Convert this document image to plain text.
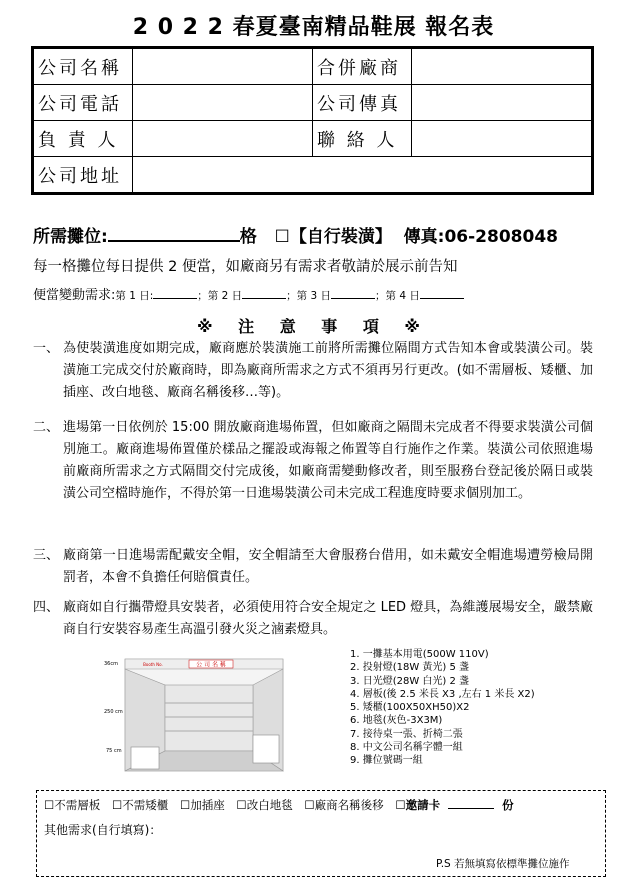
2 0 2 2 春夏臺南精品鞋展 報名表
公司名稱		合併廠商	
公司電話		公司傳真	
負 責 人		聯 絡 人	
公司地址			
所需攤位:	格 ☐【自行裝潢】 傳真:06-2808048
每一格攤位每日提供 2 便當，如廠商另有需求者敬請於展示前告知
便當變動需求:第 1 日:	；第 2 日	；第 3 日	；第 4 日
※ 注 意 事 項 ※
一、 為使裝潢進度如期完成，廠商應於裝潢施工前將所需攤位隔間方式告知本會或裝潢公司。裝潢施工完成交付於廠商時，即為廠商所需求之方式不須再另行更改。(如不需層板、矮櫃、加插座、改白地毯、廠商名稱後移…等)。
二、 進場第一日依例於 15:00 開放廠商進場佈置，但如廠商之隔間未完成者不得要求裝潢公司個別施工。廠商進場佈置僅於樣品之擺設或海報之佈置等自行施作之作業。裝潢公司依照進場前廠商所需求之方式隔間交付完成後，如廠商需變動修改者，則至服務台登記後於隔日或裝潢公司空檔時施作，不得於第一日進場裝潢公司未完成工程進度時要求個別加工。
三、 廠商第一日進場需配戴安全帽，安全帽請至大會服務台借用，如未戴安全帽進場遭勞檢局開罰者，本會不負擔任何賠償責任。
四、 廠商如自行攜帶燈具安裝者，必須使用符合安全規定之 LED 燈具，為維護展場安全，嚴禁廠商自行安裝容易產生高溫引發火災之滷素燈具。
公 司 名 稱
Booth No.
36cm
250 cm
75 cm
1. 一攤基本用電(500W 110V)
2. 投射燈(18W 黃光) 5 盞
3. 日光燈(28W 白光) 2 盞
4. 層板(後 2.5 米長 X3 ,左右 1 米長 X2)
5. 矮櫃(100X50XH50)X2
6. 地毯(灰色-3X3M)
7. 接待桌一張、折椅二張
8. 中文公司名稱字體一組
9. 攤位號碼一組
☐不需層板 ☐不需矮櫃 ☐加插座 ☐改白地毯 ☐廠商名稱後移 ☐邀請卡	份
其他需求(自行填寫)：
P.S 若無填寫依標準攤位施作
